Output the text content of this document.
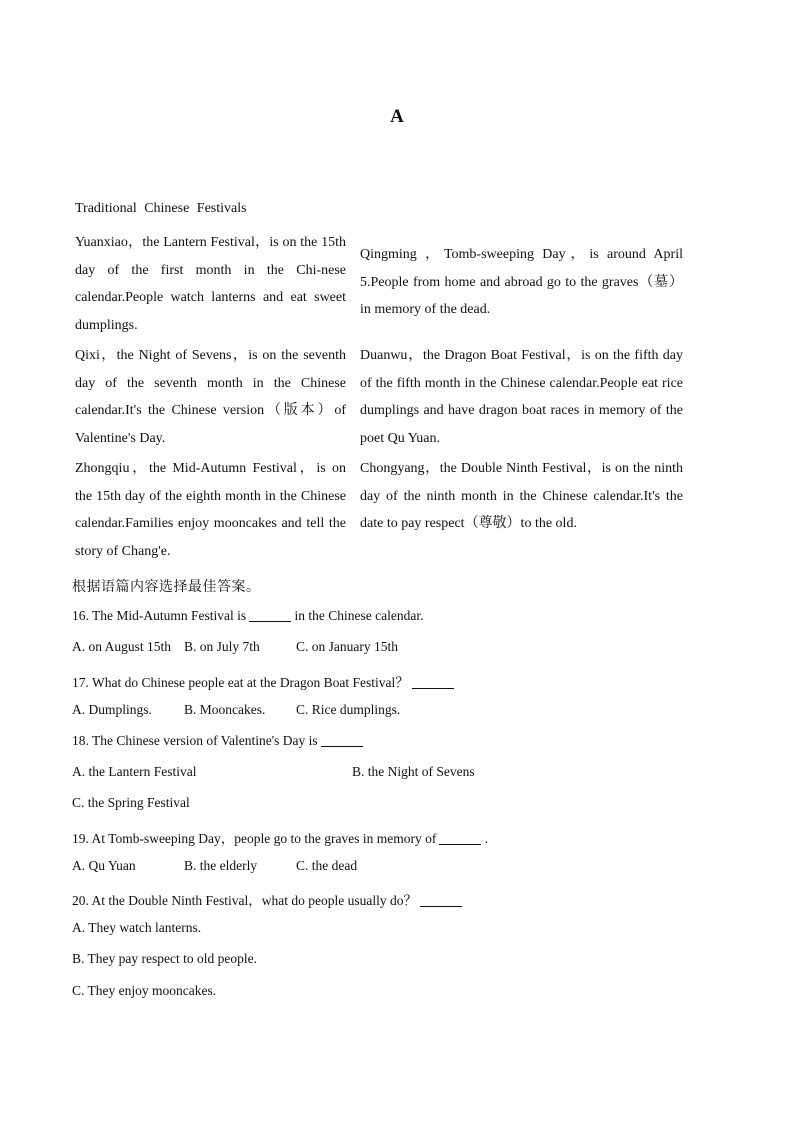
A
Traditional Chinese Festivals
Yuanxiao，the Lantern Festival，is on the 15th day of the first month in the Chi-nese calendar.People watch lanterns and eat sweet dumplings.
Qingming ，Tomb-sweeping Day，is around April 5.People from home and abroad go to the graves（墓）in memory of the dead.
Qixi，the Night of Sevens，is on the seventh day of the seventh month in the Chinese calendar.It's the Chinese version（版本）of Valentine's Day.
Duanwu，the Dragon Boat Festival，is on the fifth day of the fifth month in the Chinese calendar.People eat rice dumplings and have dragon boat races in memory of the poet Qu Yuan.
Zhongqiu，the Mid-Autumn Festival，is on the 15th day of the eighth month in the Chinese calendar.Families enjoy mooncakes and tell the story of Chang'e.
Chongyang，the Double Ninth Festival，is on the ninth day of the ninth month in the Chinese calendar.It's the date to pay respect（尊敬）to the old.
根据语篇内容选择最佳答案。
16. The Mid-Autumn Festival is	in the Chinese calendar.
A. on August 15th B. on July 7th	C. on January 15th
17. What do Chinese people eat at the Dragon Boat Festival？
A. Dumplings. B. Mooncakes. C. Rice dumplings.
18. The Chinese version of Valentine's Day is
A. the Lantern Festival	B. the Night of Sevens
C. the Spring Festival
19. At Tomb-sweeping Day，people go to the graves in memory of	.
A. Qu Yuan	B. the elderly	C. the dead
20. At the Double Ninth Festival，what do people usually do？
A. They watch lanterns.
B. They pay respect to old people.
C. They enjoy mooncakes.
